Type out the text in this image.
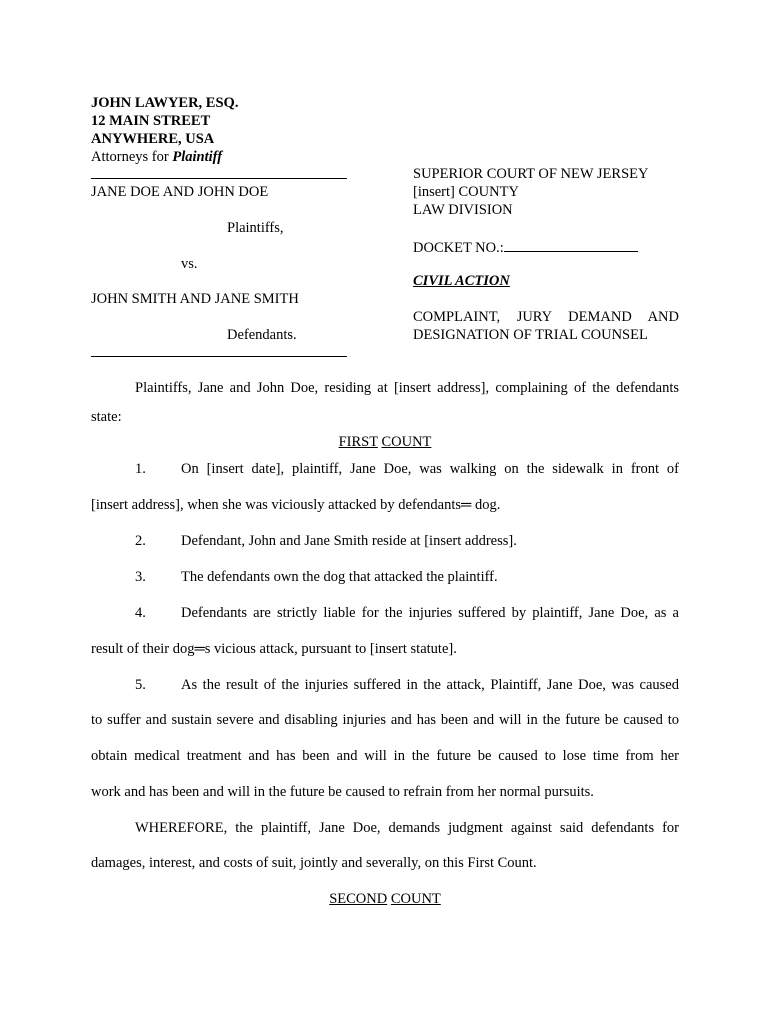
JOHN LAWYER, ESQ.
12 MAIN STREET
ANYWHERE, USA
Attorneys for Plaintiff
JANE DOE AND JOHN DOE
Plaintiffs,
vs.
JOHN SMITH AND JANE SMITH
Defendants.
SUPERIOR COURT OF NEW JERSEY
[insert] COUNTY
LAW DIVISION
DOCKET NO.:
CIVIL ACTION
COMPLAINT, JURY DEMAND AND
DESIGNATION OF TRIAL COUNSEL
Plaintiffs, Jane and John Doe, residing at [insert address], complaining of the defendants
state:
FIRST COUNT
1. On [insert date], plaintiff, Jane Doe, was walking on the sidewalk in front of
[insert address], when she was viciously attacked by defendants═ dog.
2. Defendant, John and Jane Smith reside at [insert address].
3. The defendants own the dog that attacked the plaintiff.
4. Defendants are strictly liable for the injuries suffered by plaintiff, Jane Doe, as a
result of their dog═s vicious attack, pursuant to [insert statute].
5. As the result of the injuries suffered in the attack, Plaintiff, Jane Doe, was caused
to suffer and sustain severe and disabling injuries and has been and will in the future be caused to
obtain medical treatment and has been and will in the future be caused to lose time from her
work and has been and will in the future be caused to refrain from her normal pursuits.
WHEREFORE, the plaintiff, Jane Doe, demands judgment against said defendants for
damages, interest, and costs of suit, jointly and severally, on this First Count.
SECOND COUNT
